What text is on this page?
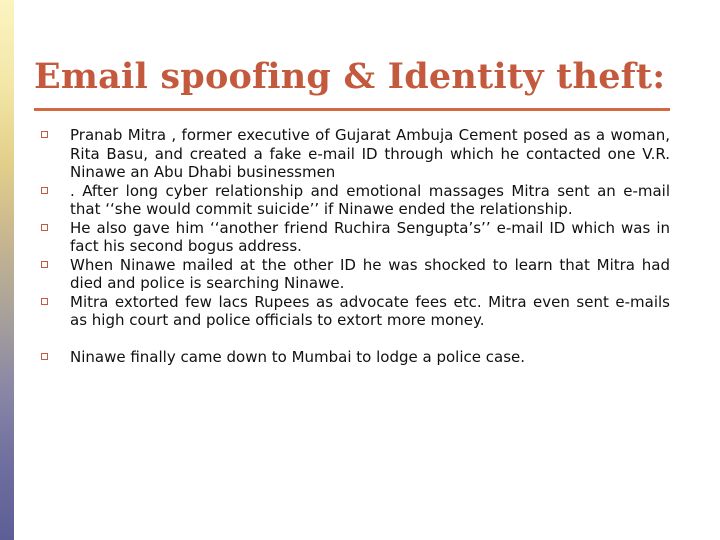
Email spoofing & Identity theft:
Pranab Mitra , former executive of Gujarat Ambuja Cement posed as a woman, Rita Basu, and created a fake e-mail ID through which he contacted one V.R. Ninawe an Abu Dhabi businessmen
. After long cyber relationship and emotional massages Mitra sent an e-mail that ‘‘she would commit suicide’’ if Ninawe ended the relationship.
He also gave him ‘‘another friend Ruchira Sengupta’s’’ e-mail ID which was in fact his second bogus address.
When Ninawe mailed at the other ID he was shocked to learn that Mitra had died and police is searching Ninawe.
Mitra extorted few lacs Rupees as advocate fees etc. Mitra even sent e-mails as high court and police officials to extort more money.
Ninawe finally came down to Mumbai to lodge a police case.
